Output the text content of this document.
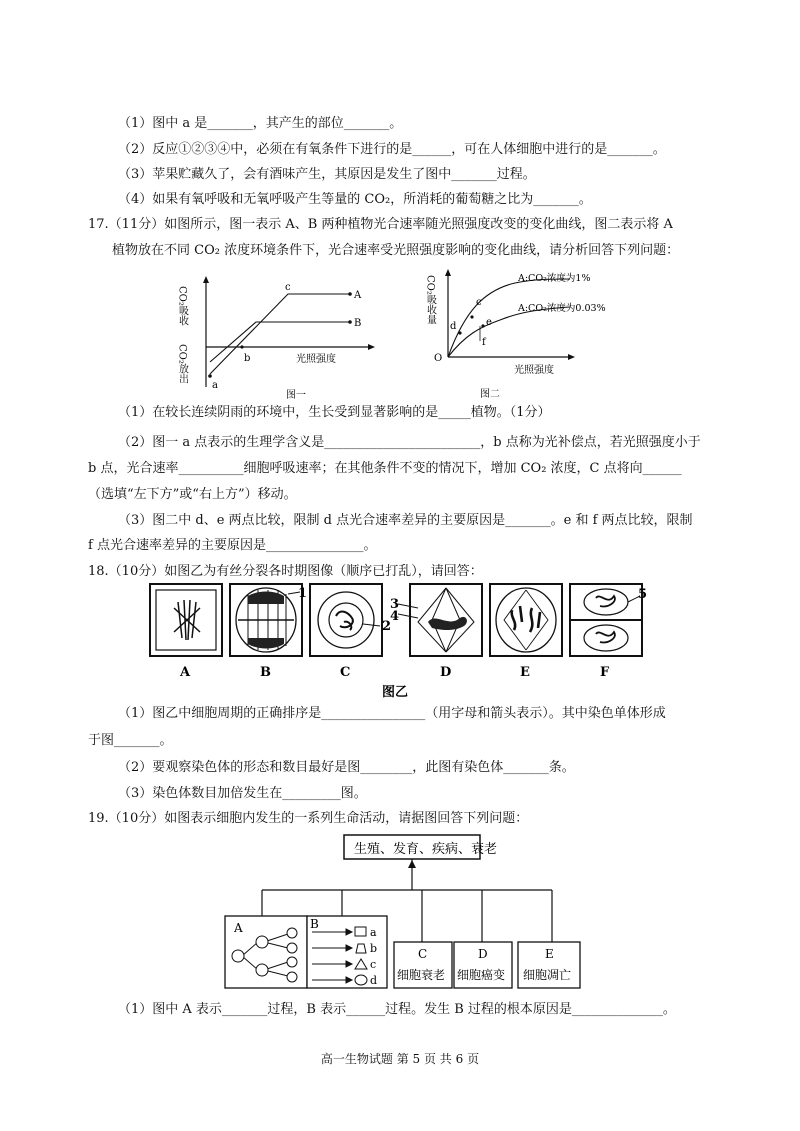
（1）图中 a 是_______，其产生的部位_______。
（2）反应①②③④中，必须在有氧条件下进行的是______，可在人体细胞中进行的是_______。
（3）苹果贮藏久了，会有酒味产生，其原因是发生了图中_______过程。
（4）如果有氧呼吸和无氧呼吸产生等量的 CO₂，所消耗的葡萄糖之比为_______。
17.（11分）如图所示，图一表示 A、B 两种植物光合速率随光照强度改变的变化曲线，图二表示将 A
植物放在不同 CO₂ 浓度环境条件下，光合速率受光照强度影响的变化曲线，请分析回答下列问题：
CO₂吸收
CO₂放出
A
c
B
a
b	光照强度
图一
CO₂吸收量
O
A:CO₂浓度为1%
A:CO₂浓度为0.03%
c
d	e
f
光照强度
图二
（1）在较长连续阴雨的环境中，生长受到显著影响的是_____植物。（1分）
（2）图一 a 点表示的生理学含义是________________________，b 点称为光补偿点，若光照强度小于
b 点，光合速率__________细胞呼吸速率；在其他条件不变的情况下，增加 CO₂ 浓度，C 点将向______
（选填“左下方”或“右上方”）移动。
（3）图二中 d、e 两点比较，限制 d 点光合速率差异的主要原因是_______。e 和 f 两点比较，限制
f 点光合速率差异的主要原因是_______________。
18.（10分）如图乙为有丝分裂各时期图像（顺序已打乱），请回答：
A
1
B
2
C
3
4
D	E
5
F
图乙
（1）图乙中细胞周期的正确排序是________________（用字母和箭头表示）。其中染色单体形成
于图_______。
（2）要观察染色体的形态和数目最好是图________，此图有染色体_______条。
（3）染色体数目加倍发生在_________图。
19.（10分）如图表示细胞内发生的一系列生命活动，请据图回答下列问题：
生殖、发育、疾病、衰老
A	B
a
b
c
d
C
细胞衰老
D
细胞癌变
E
细胞凋亡
（1）图中 A 表示_______过程，B 表示______过程。发生 B 过程的根本原因是______________。
高一生物试题 第 5 页 共 6 页
